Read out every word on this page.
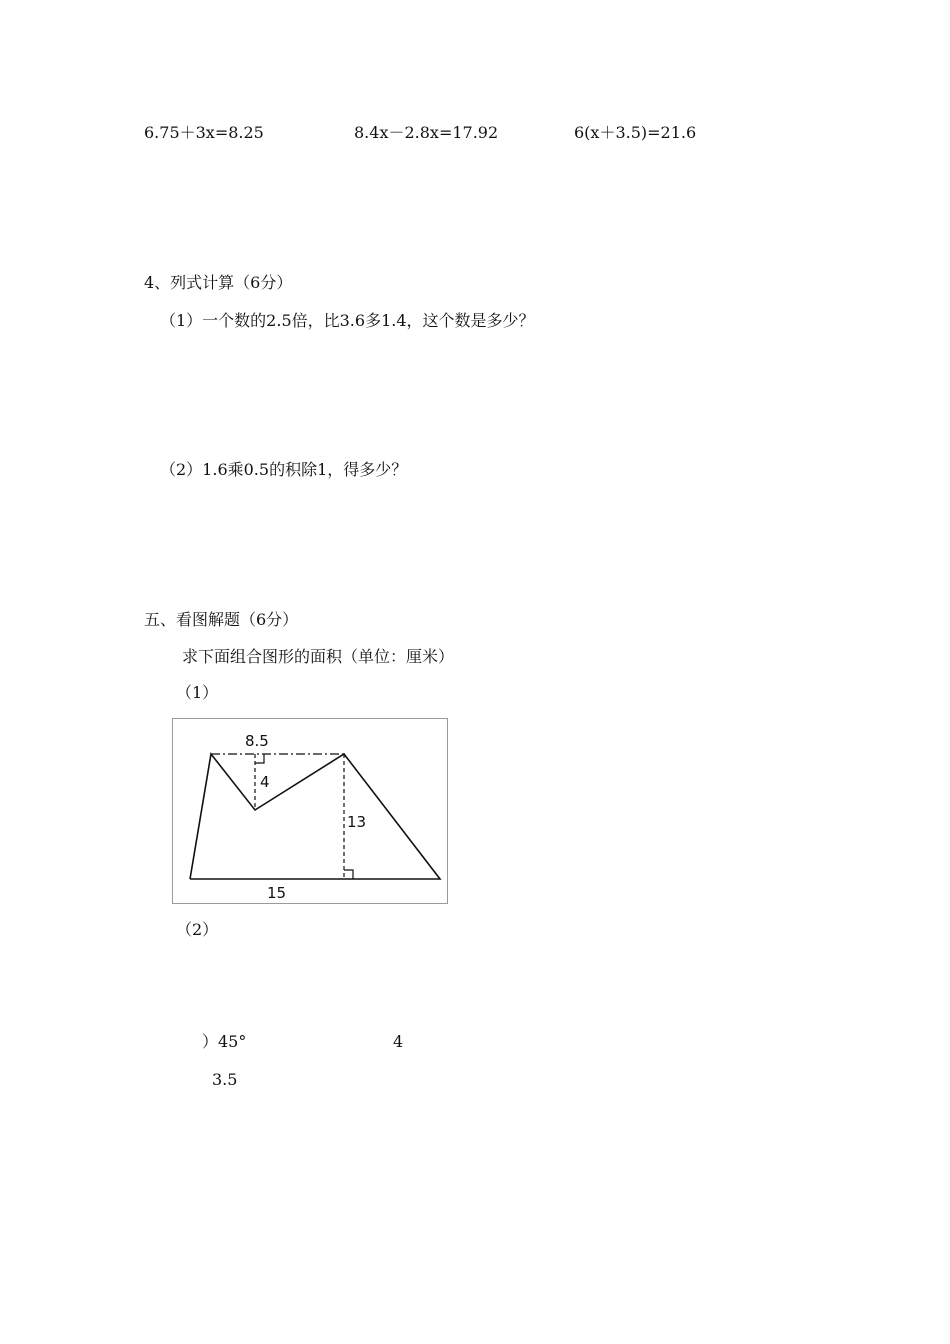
6.75＋3x=8.25	8.4x－2.8x=17.92	6(x＋3.5)=21.6
4、列式计算（6分）
（1）一个数的2.5倍，比3.6多1.4，这个数是多少？
（2）1.6乘0.5的积除1，得多少？
五、看图解题（6分）
求下面组合图形的面积（单位：厘米）
（1）
8.5
4
13
15
（2）
）45°	4
3.5
